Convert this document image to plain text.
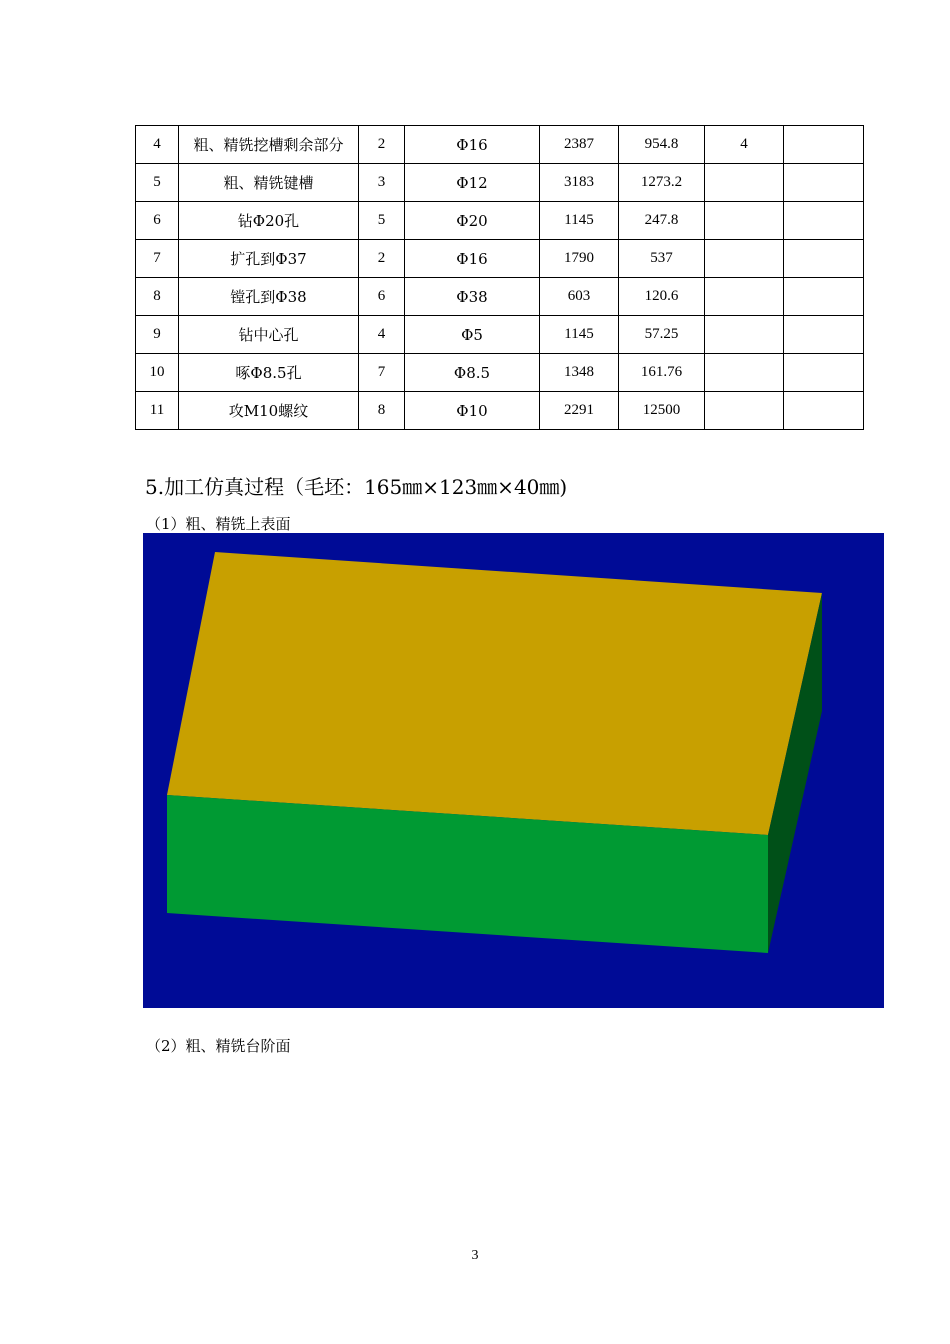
4	粗、精铣挖槽剩余部分	2	Φ16	2387	954.8	4	
5	粗、精铣键槽	3	Φ12	3183	1273.2		
6	钻Φ20孔	5	Φ20	1145	247.8		
7	扩孔到Φ37	2	Φ16	1790	537		
8	镗孔到Φ38	6	Φ38	603	120.6		
9	钻中心孔	4	Φ5	1145	57.25		
10	啄Φ8.5孔	7	Φ8.5	1348	161.76		
11	攻M10螺纹	8	Φ10	2291	12500		
5.加工仿真过程（毛坯：165㎜×123㎜×40㎜)
（1）粗、精铣上表面
（2）粗、精铣台阶面
3
